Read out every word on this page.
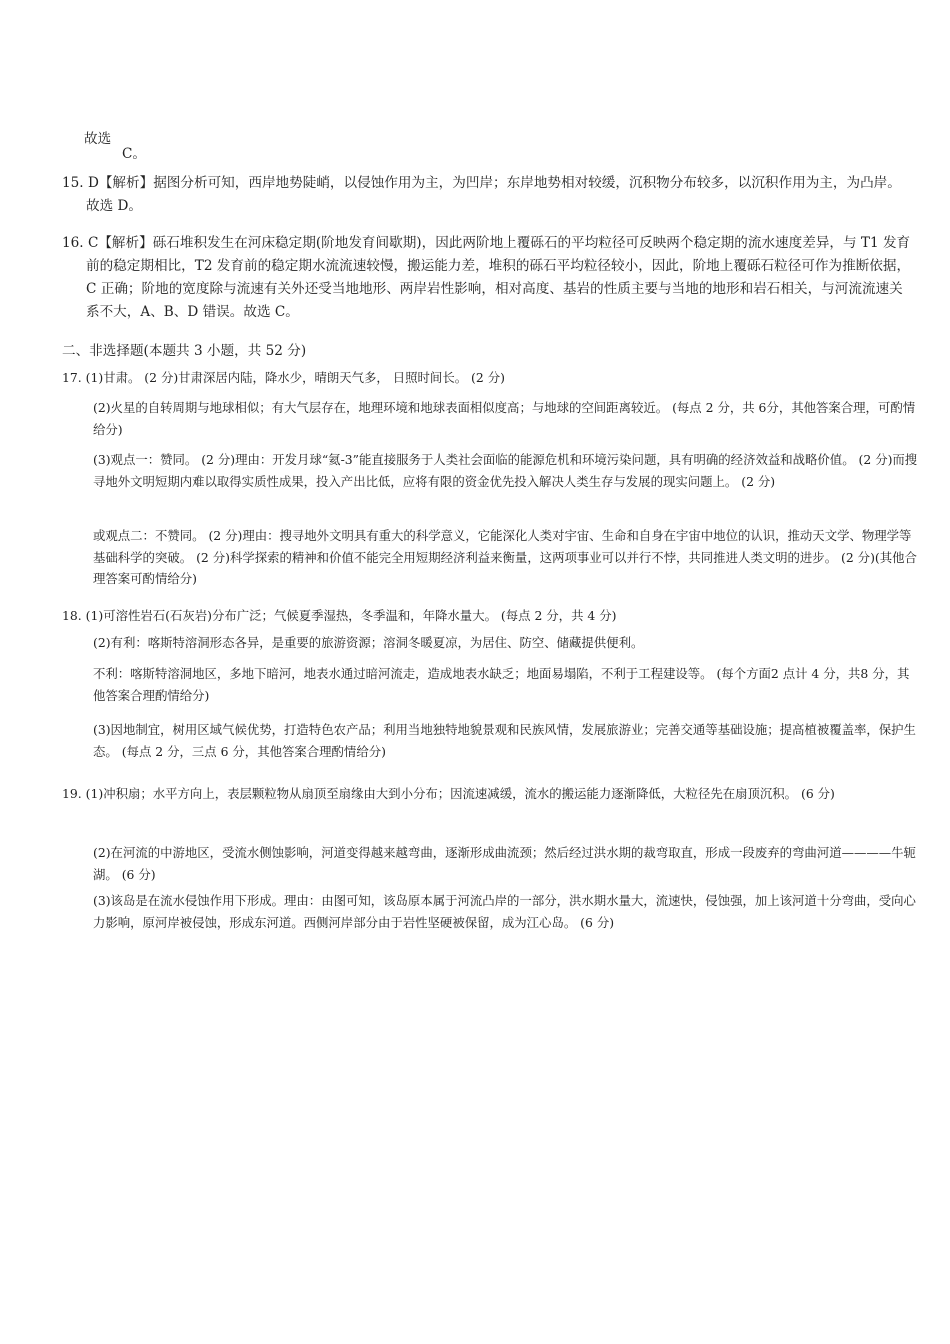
故选

C。

15. D【解析】据图分析可知，西岸地势陡峭，以侵蚀作用为主，为凹岸；东岸地势相对较缓，沉积物分布较多，以沉积作用为主，为凸岸。故选 D。

16. C【解析】砾石堆积发生在河床稳定期(阶地发育间歇期)，因此两阶地上覆砾石的平均粒径可反映两个稳定期的流水速度差异，与 T1 发育前的稳定期相比，T2 发育前的稳定期水流流速较慢，搬运能力差，堆积的砾石平均粒径较小，因此，阶地上覆砾石粒径可作为推断依据，C 正确；阶地的宽度除与流速有关外还受当地地形、两岸岩性影响，相对高度、基岩的性质主要与当地的地形和岩石相关，与河流流速关系不大，A、B、D 错误。故选 C。

二、非选择题(本题共 3 小题，共 52 分)

17. (1)甘肃。 (2 分)甘肃深居内陆，降水少，晴朗天气多， 日照时间长。 (2 分)

(2)火星的自转周期与地球相似；有大气层存在，地理环境和地球表面相似度高；与地球的空间距离较近。 (每点 2 分，共 6分，其他答案合理，可酌情给分)

(3)观点一：赞同。 (2 分)理由：开发月球“氦-3”能直接服务于人类社会面临的能源危机和环境污染问题，具有明确的经济效益和战略价值。 (2 分)而搜寻地外文明短期内难以取得实质性成果，投入产出比低，应将有限的资金优先投入解决人类生存与发展的现实问题上。 (2 分)

或观点二：不赞同。 (2 分)理由：搜寻地外文明具有重大的科学意义，它能深化人类对宇宙、生命和自身在宇宙中地位的认识，推动天文学、物理学等基础科学的突破。 (2 分)科学探索的精神和价值不能完全用短期经济利益来衡量，这两项事业可以并行不悖，共同推进人类文明的进步。 (2 分)(其他合理答案可酌情给分)

18. (1)可溶性岩石(石灰岩)分布广泛；气候夏季湿热，冬季温和，年降水量大。 (每点 2 分，共 4 分)

(2)有利：喀斯特溶洞形态各异，是重要的旅游资源；溶洞冬暖夏凉，为居住、防空、储藏提供便利。

不利：喀斯特溶洞地区，多地下暗河，地表水通过暗河流走，造成地表水缺乏；地面易塌陷，不利于工程建设等。 (每个方面2 点计 4 分，共8 分，其他答案合理酌情给分)

(3)因地制宜，树用区域气候优势，打造特色农产品；利用当地独特地貌景观和民族风情，发展旅游业；完善交通等基础设施；提高植被覆盖率，保护生态。 (每点 2 分，三点 6 分，其他答案合理酌情给分)

19. (1)冲积扇；水平方向上，表层颗粒物从扇顶至扇缘由大到小分布；因流速减缓，流水的搬运能力逐渐降低，大粒径先在扇顶沉积。 (6 分)

(2)在河流的中游地区，受流水侧蚀影响，河道变得越来越弯曲，逐渐形成曲流颈；然后经过洪水期的裁弯取直，形成一段废弃的弯曲河道————牛轭湖。 (6 分)

(3)该岛是在流水侵蚀作用下形成。理由：由图可知，该岛原本属于河流凸岸的一部分，洪水期水量大，流速快，侵蚀强，加上该河道十分弯曲，受向心力影响，原河岸被侵蚀，形成东河道。西侧河岸部分由于岩性坚硬被保留，成为江心岛。 (6 分)
